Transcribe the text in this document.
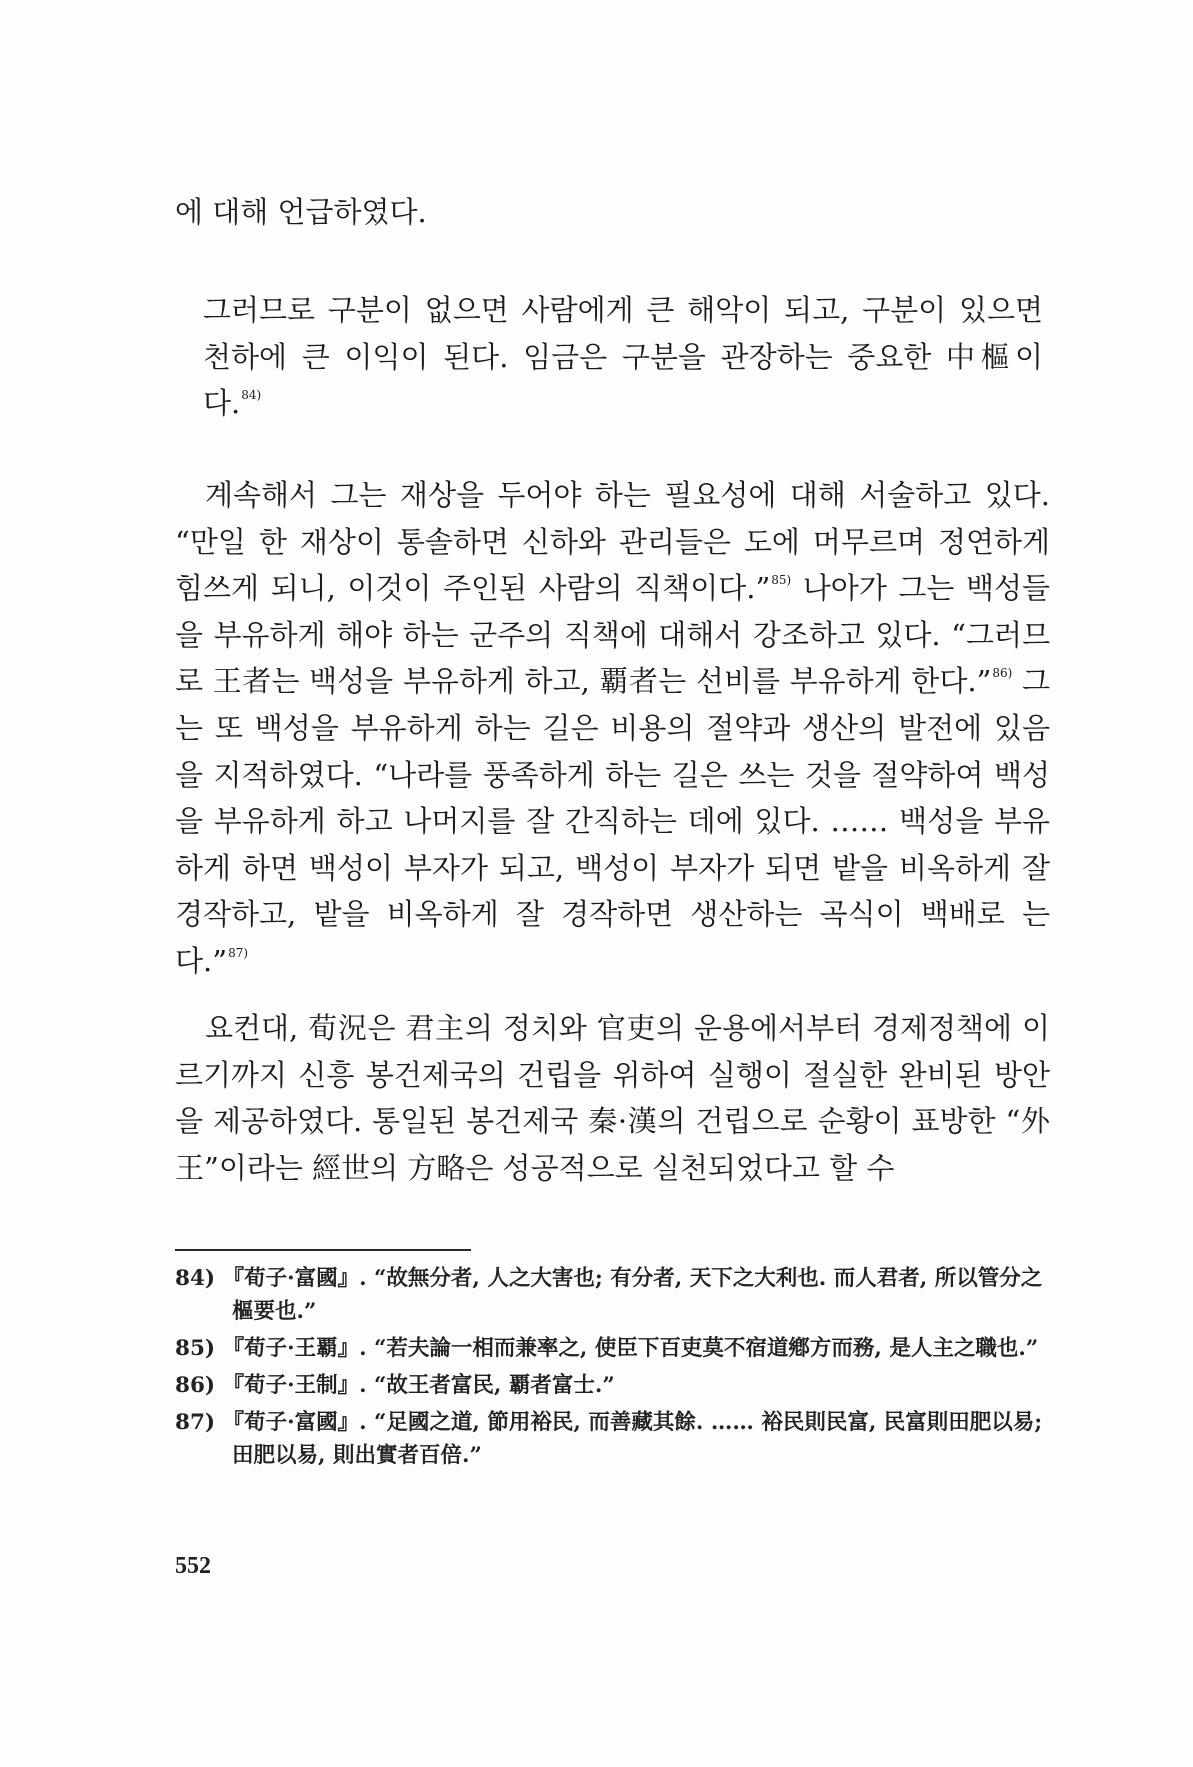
에 대해 언급하였다.
그러므로 구분이 없으면 사람에게 큰 해악이 되고, 구분이 있으면 천하에 큰 이익이 된다. 임금은 구분을 관장하는 중요한 中樞이다.$^{84)}$
계속해서 그는 재상을 두어야 하는 필요성에 대해 서술하고 있다. “만일 한 재상이 통솔하면 신하와 관리들은 도에 머무르며 정연하게 힘쓰게 되니, 이것이 주인된 사람의 직책이다.”$^{85)}$ 나아가 그는 백성들을 부유하게 해야 하는 군주의 직책에 대해서 강조하고 있다. “그러므로 王者는 백성을 부유하게 하고, 覇者는 선비를 부유하게 한다.”$^{86)}$ 그는 또 백성을 부유하게 하는 길은 비용의 절약과 생산의 발전에 있음을 지적하였다. “나라를 풍족하게 하는 길은 쓰는 것을 절약하여 백성을 부유하게 하고 나머지를 잘 간직하는 데에 있다. …… 백성을 부유하게 하면 백성이 부자가 되고, 백성이 부자가 되면 밭을 비옥하게 잘 경작하고, 밭을 비옥하게 잘 경작하면 생산하는 곡식이 백배로 는다.”$^{87)}$
요컨대, 荀況은 君主의 정치와 官吏의 운용에서부터 경제정책에 이르기까지 신흥 봉건제국의 건립을 위하여 실행이 절실한 완비된 방안을 제공하였다. 통일된 봉건제국 秦·漢의 건립으로 순황이 표방한 “外王”이라는 經世의 方略은 성공적으로 실천되었다고 할 수
84) 『荀子·富國』. “故無分者, 人之大害也; 有分者, 天下之大利也. 而人君者, 所以管分之樞要也.”
85) 『荀子·王覇』. “若夫論一相而兼率之, 使臣下百吏莫不宿道鄕方而務, 是人主之職也.”
86) 『荀子·王制』. “故王者富民, 覇者富士.”
87) 『荀子·富國』. “足國之道, 節用裕民, 而善藏其餘. …… 裕民則民富, 民富則田肥以易; 田肥以易, 則出實者百倍.”
552
